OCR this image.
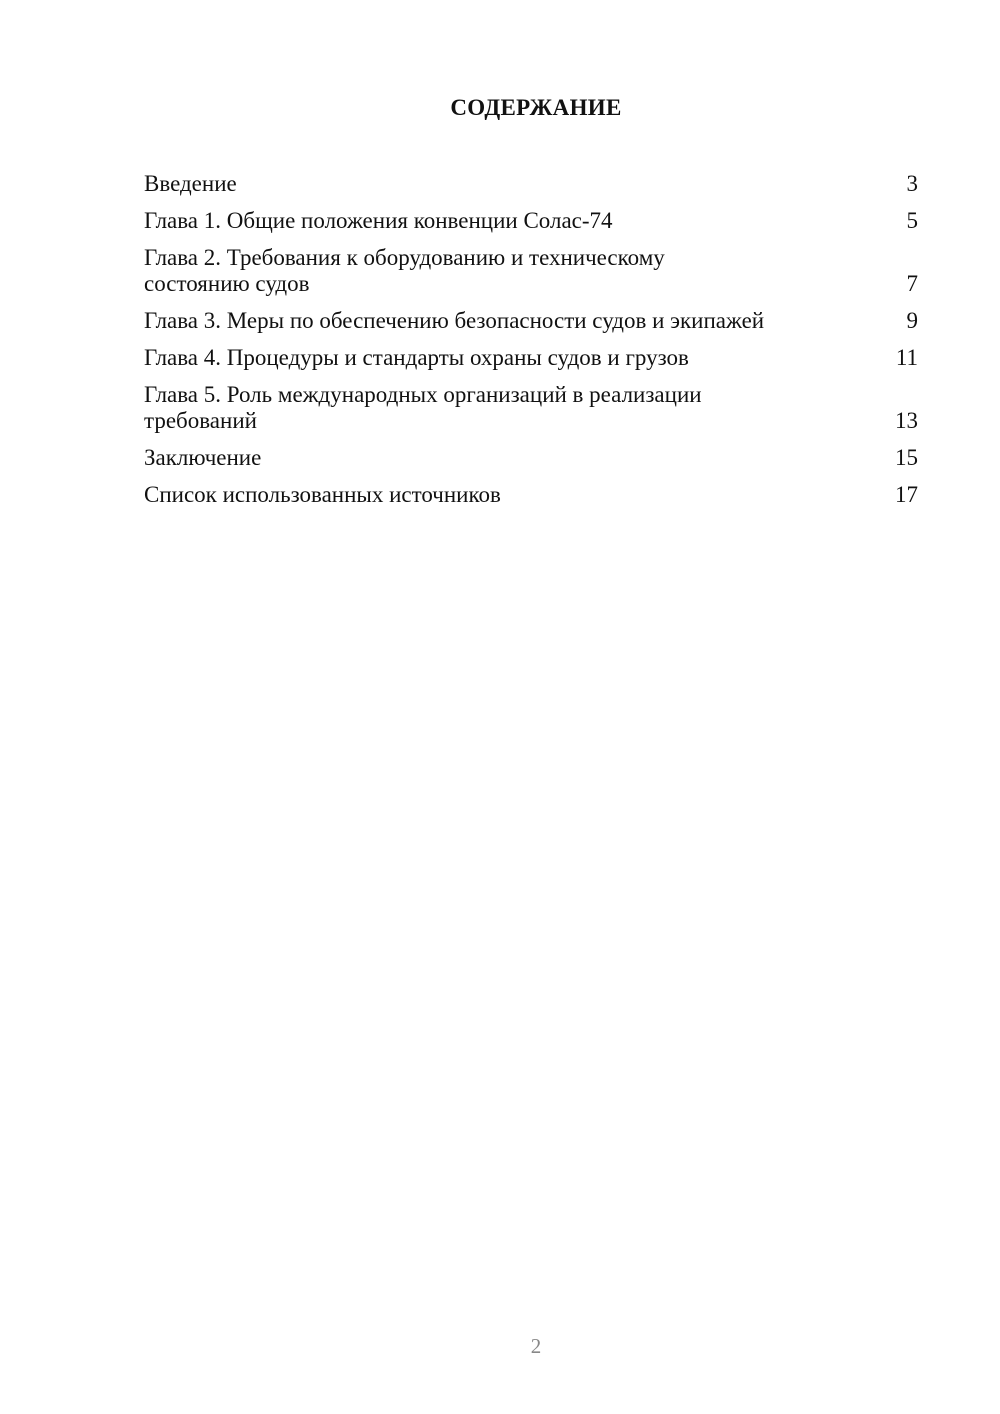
СОДЕРЖАНИЕ
Введение	3
Глава 1. Общие положения конвенции Солас-74	5
Глава 2. Требования к оборудованию и техническому состоянию судов	7
Глава 3. Меры по обеспечению безопасности судов и экипажей	9
Глава 4. Процедуры и стандарты охраны судов и грузов	11
Глава 5. Роль международных организаций в реализации требований	13
Заключение	15
Список использованных источников	17
2
